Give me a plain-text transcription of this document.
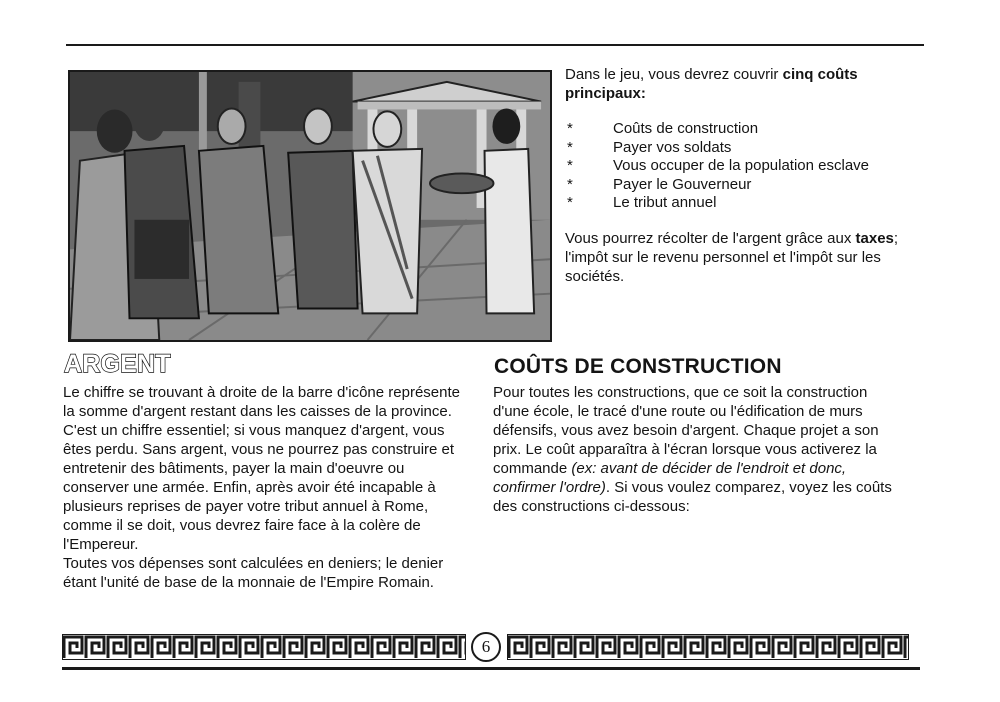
Dans le jeu, vous devrez couvrir cinq coûts principaux:

*	Coûts de construction
*	Payer vos soldats
*	Vous occuper de la population esclave
*	Payer le Gouverneur
*	Le tribut annuel

Vous pourrez récolter de l'argent grâce aux taxes;

l'impôt sur le revenu personnel et l'impôt sur les sociétés.

ARGENT	COÛTS DE CONSTRUCTION
Le chiffre se trouvant à droite de la barre d'icône représente la somme d'argent restant dans les caisses de la province. C'est un chiffre essentiel; si vous manquez d'argent, vous êtes perdu. Sans argent, vous ne pourrez pas construire et entretenir des bâtiments, payer la main d'oeuvre ou conserver une armée. Enfin, après avoir été incapable à plusieurs reprises de payer votre tribut annuel à Rome, comme il se doit, vous devrez faire face à la colère de l'Empereur.
Toutes vos dépenses sont calculées en deniers; le denier étant l'unité de base de la monnaie de l'Empire Romain.
Pour toutes les constructions, que ce soit la construction d'une école, le tracé d'une route ou l'édification de murs défensifs, vous avez besoin d'argent. Chaque projet a son prix. Le coût apparaîtra à l'écran lorsque vous activerez la commande (ex: avant de décider de l'endroit et donc, confirmer l'ordre). Si vous voulez comparez, voyez les coûts des constructions ci-dessous:
6
